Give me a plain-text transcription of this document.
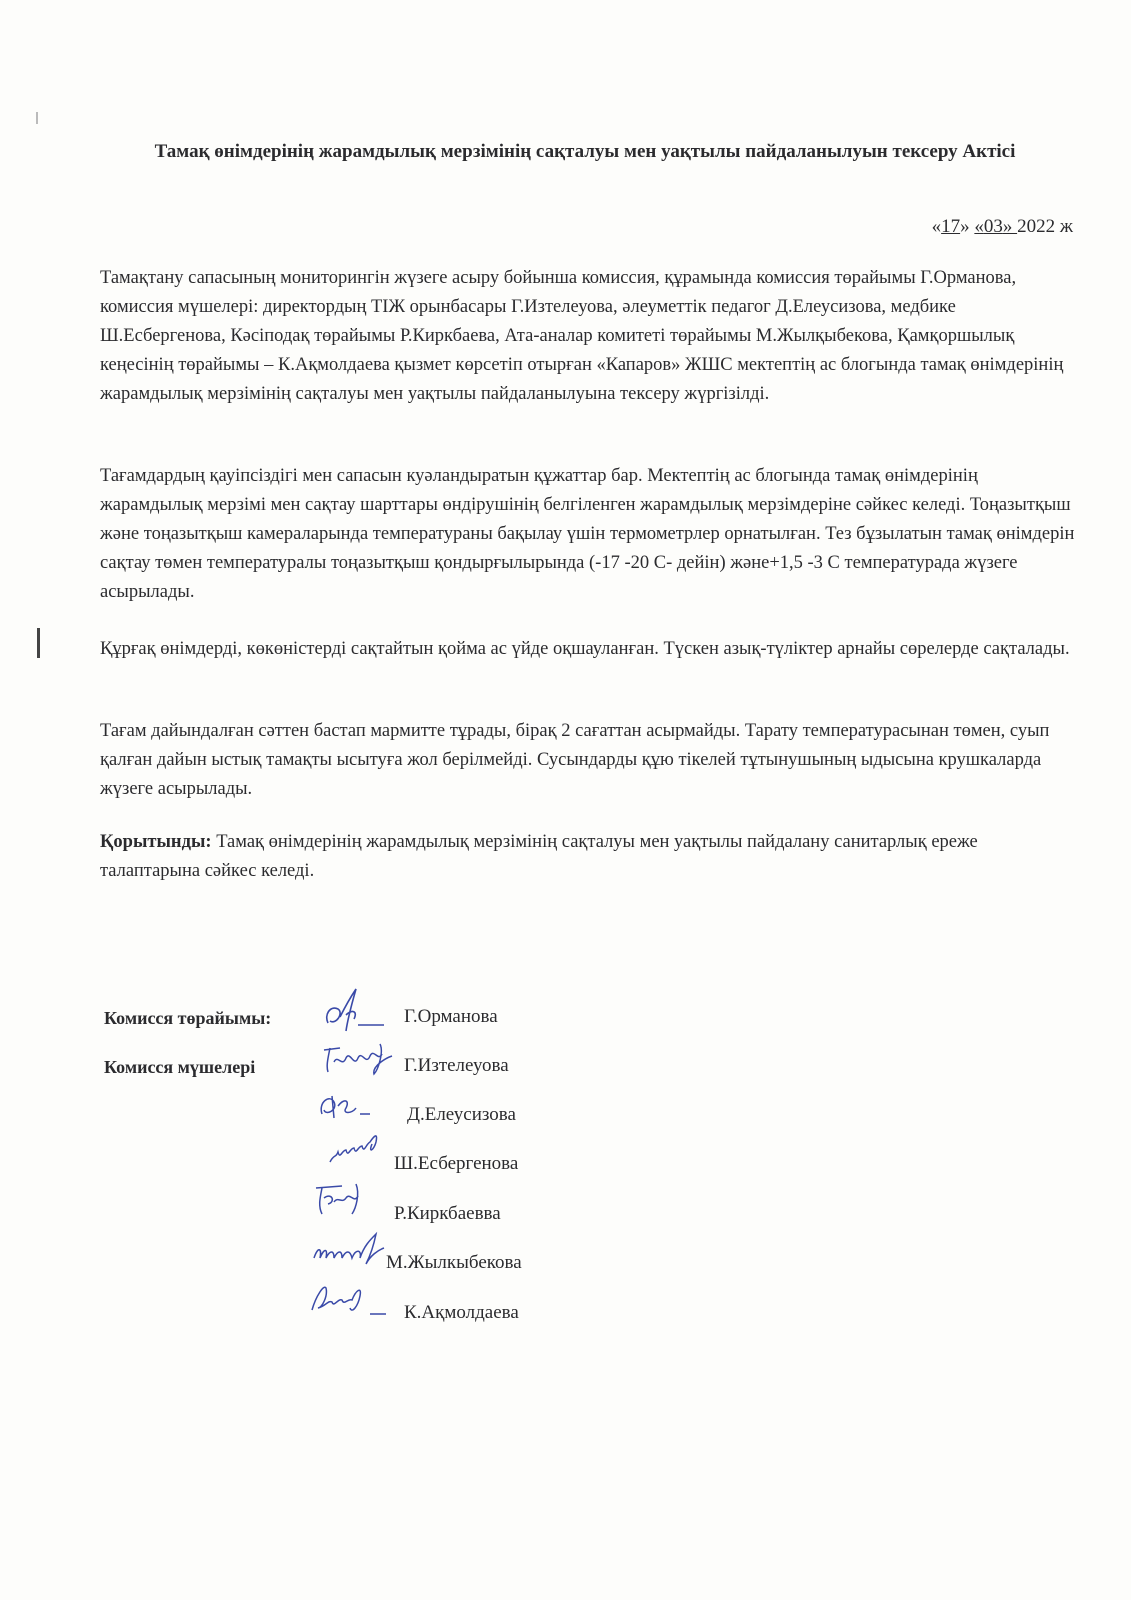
Тамақ өнімдерінің жарамдылық мерзімінің сақталуы мен уақтылы пайдаланылуын тексеру Актісі
«17» «03» 2022 ж

Тамақтану сапасының мониторингін жүзеге асыру бойынша комиссия, құрамында комиссия төрайымы Г.Орманова, комиссия мүшелері: директордың ТІЖ орынбасары Г.Изтелеуова, әлеуметтік педагог Д.Елеусизова, медбике Ш.Есбергенова, Кәсіподақ төрайымы Р.Киркбаева, Ата-аналар комитеті төрайымы М.Жылқыбекова, Қамқоршылық кеңесінің төрайымы – К.Ақмолдаева қызмет көрсетіп отырған «Капаров» ЖШС мектептің ас блогында тамақ өнімдерінің жарамдылық мерзімінің сақталуы мен уақтылы пайдаланылуына тексеру жүргізілді.

Тағамдардың қауіпсіздігі мен сапасын куәландыратын құжаттар бар. Мектептің ас блогында тамақ өнімдерінің жарамдылық мерзімі мен сақтау шарттары өндірушінің белгіленген жарамдылық мерзімдеріне сәйкес келеді. Тоңазытқыш және тоңазытқыш камераларында температураны бақылау үшін термометрлер орнатылған. Тез бұзылатын тамақ өнімдерін сақтау төмен температуралы тоңазытқыш қондырғылырында (-17 -20 С- дейін) және+1,5 -3 С температурада жүзеге асырылады.

Құрғақ өнімдерді, көкөністерді сақтайтын қойма ас үйде оқшауланған. Түскен азық-түліктер арнайы сөрелерде сақталады.

Тағам дайындалған сәттен бастап мармитте тұрады, бірақ 2 сағаттан асырмайды. Тарату температурасынан төмен, суып қалған дайын ыстық тамақты ысытуға жол берілмейді. Сусындарды құю тікелей тұтынушының ыдысына крушкаларда жүзеге асырылады.

Қорытынды: Тамақ өнімдерінің жарамдылық мерзімінің сақталуы мен уақтылы пайдалану санитарлық ереже талаптарына сәйкес келеді.

Комисся төрайымы:
Комисся мүшелері
Г.Орманова
Г.Изтелеуова
Д.Елеусизова
Ш.Есбергенова
Р.Киркбаевва
М.Жылкыбекова
К.Ақмолдаева
